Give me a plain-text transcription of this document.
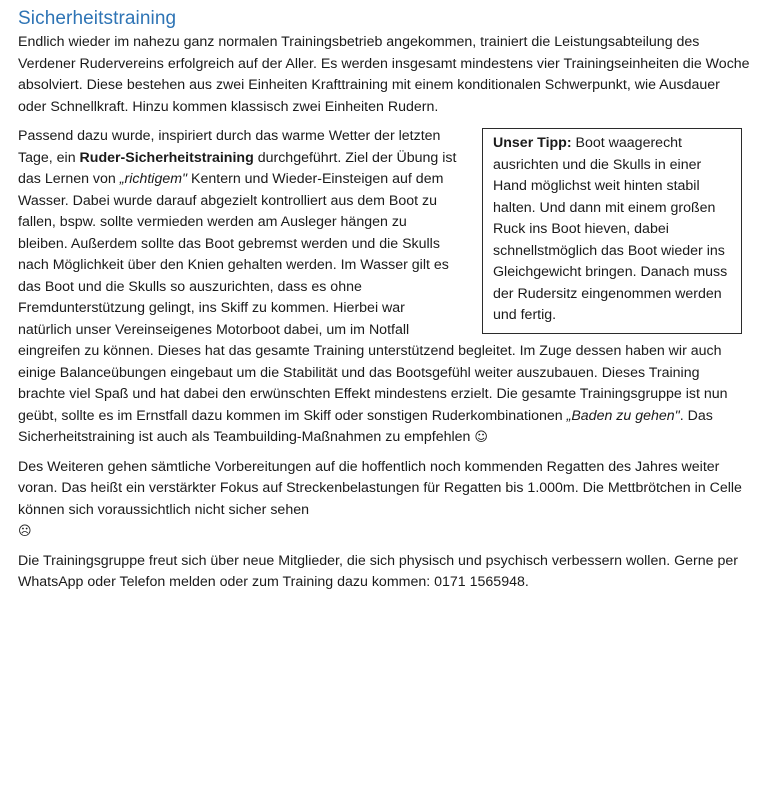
Sicherheitstraining

Endlich wieder im nahezu ganz normalen Trainingsbetrieb angekommen, trainiert die Leistungsabteilung des Verdener Rudervereins erfolgreich auf der Aller. Es werden insgesamt mindestens vier Trainingseinheiten die Woche absolviert. Diese bestehen aus zwei Einheiten Krafttraining mit einem konditionalen Schwerpunkt, wie Ausdauer oder Schnellkraft. Hinzu kommen klassisch zwei Einheiten Rudern.

Unser Tipp: Boot waagerecht ausrichten und die Skulls in einer Hand möglichst weit hinten stabil halten. Und dann mit einem großen Ruck ins Boot hieven, dabei schnellstmöglich das Boot wieder ins Gleichgewicht bringen. Danach muss der Rudersitz eingenommen werden und fertig.

Passend dazu wurde, inspiriert durch das warme Wetter der letzten Tage, ein Ruder-Sicherheitstraining durchgeführt. Ziel der Übung ist das Lernen von „richtigem" Kentern und Wieder-Einsteigen auf dem Wasser. Dabei wurde darauf abgezielt kontrolliert aus dem Boot zu fallen, bspw. sollte vermieden werden am Ausleger hängen zu bleiben. Außerdem sollte das Boot gebremst werden und die Skulls nach Möglichkeit über den Knien gehalten werden. Im Wasser gilt es das Boot und die Skulls so auszurichten, dass es ohne Fremdunterstützung gelingt, ins Skiff zu kommen. Hierbei war natürlich unser Vereinseigenes Motorboot dabei, um im Notfall eingreifen zu können. Dieses hat das gesamte Training unterstützend begleitet. Im Zuge dessen haben wir auch einige Balanceübungen eingebaut um die Stabilität und das Bootsgefühl weiter auszubauen. Dieses Training brachte viel Spaß und hat dabei den erwünschten Effekt mindestens erzielt. Die gesamte Trainingsgruppe ist nun geübt, sollte es im Ernstfall dazu kommen im Skiff oder sonstigen Ruderkombinationen „Baden zu gehen". Das Sicherheitstraining ist auch als Teambuilding-Maßnahmen zu empfehlen ☺

Des Weiteren gehen sämtliche Vorbereitungen auf die hoffentlich noch kommenden Regatten des Jahres weiter voran. Das heißt ein verstärkter Fokus auf Streckenbelastungen für Regatten bis 1.000m. Die Mettbrötchen in Celle können sich voraussichtlich nicht sicher sehen
☹

Die Trainingsgruppe freut sich über neue Mitglieder, die sich physisch und psychisch verbessern wollen. Gerne per WhatsApp oder Telefon melden oder zum Training dazu kommen: 0171 1565948.
